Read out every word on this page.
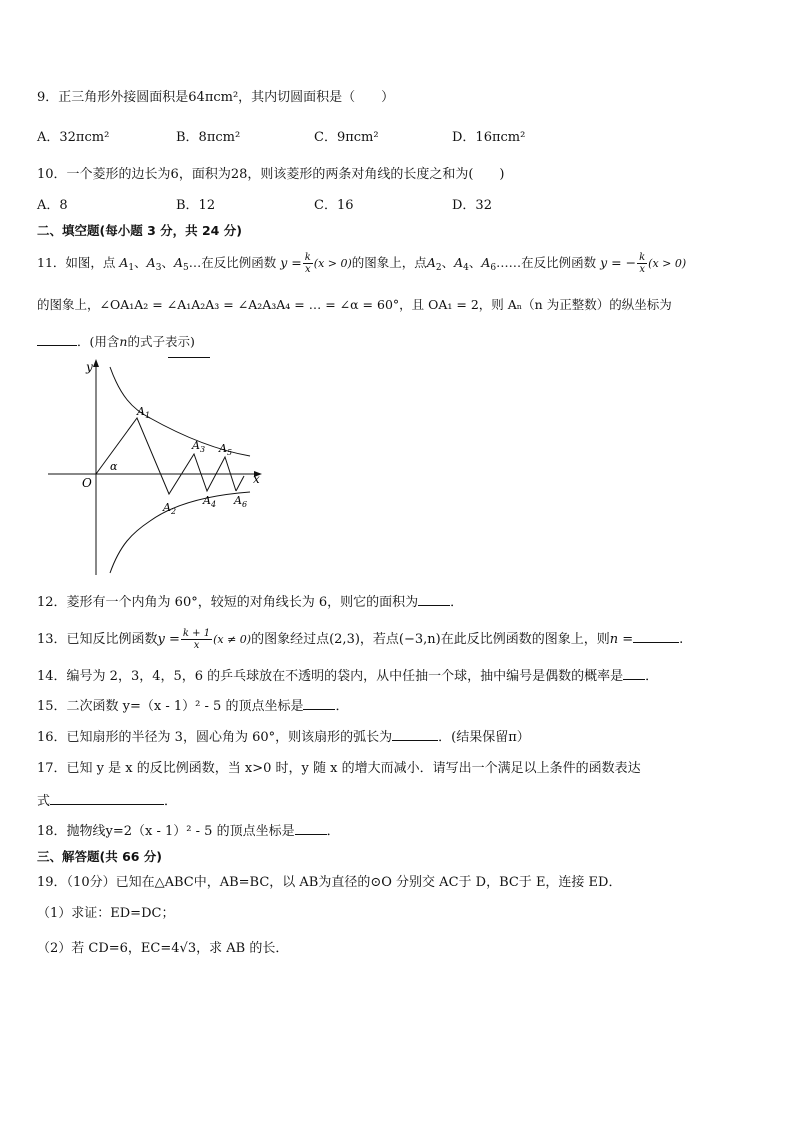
9．正三角形外接圆面积是64πcm²，其内切圆面积是（　　）
A．32πcm²	B．8πcm²	C．9πcm²	D．16πcm²
10．一个菱形的边长为6，面积为28，则该菱形的两条对角线的长度之和为(　　)
A．8	B．12	C．16	D．32
二、填空题(每小题 3 分，共 24 分)
11．如图，点 $A_1$、$A_3$、$A_5\dots$在反比例函数 $y = \frac{k}{x} (x > 0)$的图象上，点$A_2$、$A_4$、$A_6\dots\dots$在反比例函数 y = − $\frac{k}{x} (x > 0)$
的图象上，∠OA₁A₂ = ∠A₁A₂A₃ = ∠A₂A₃A₄ = … = ∠α = 60°，且 OA₁ = 2，则 Aₙ（n 为正整数）的纵坐标为
．(用含n的式子表示)
y
x
O
α
$A_1$
$A_2$
$A_3$
$A_4$
$A_5$
$A_6$
12．菱形有一个内角为 60°，较短的对角线长为 6，则它的面积为 ．
13．已知反比例函数$y = \frac{k + 1}{x} (x \ne 0)$的图象经过点(2,3)，若点(−3,n)在此反比例函数的图象上，则n =	.
14．编号为 2，3，4，5，6 的乒乓球放在不透明的袋内，从中任抽一个球，抽中编号是偶数的概率是 ．
15．二次函数 y=（x - 1）² - 5 的顶点坐标是 ．
16．已知扇形的半径为 3，圆心角为 60°，则该扇形的弧长为	．(结果保留π）
17．已知 y 是 x 的反比例函数，当 x>0 时，y 随 x 的增大而减小．请写出一个满足以上条件的函数表达
式	．
18．抛物线y=2（x - 1）² - 5 的顶点坐标是 ．
三、解答题(共 66 分)
19．（10分）已知在△ABC中，AB=BC，以 AB为直径的⊙O 分别交 AC于 D，BC于 E，连接 ED．
（1）求证：ED=DC；
（2）若 CD=6，EC=4√3，求 AB 的长．
